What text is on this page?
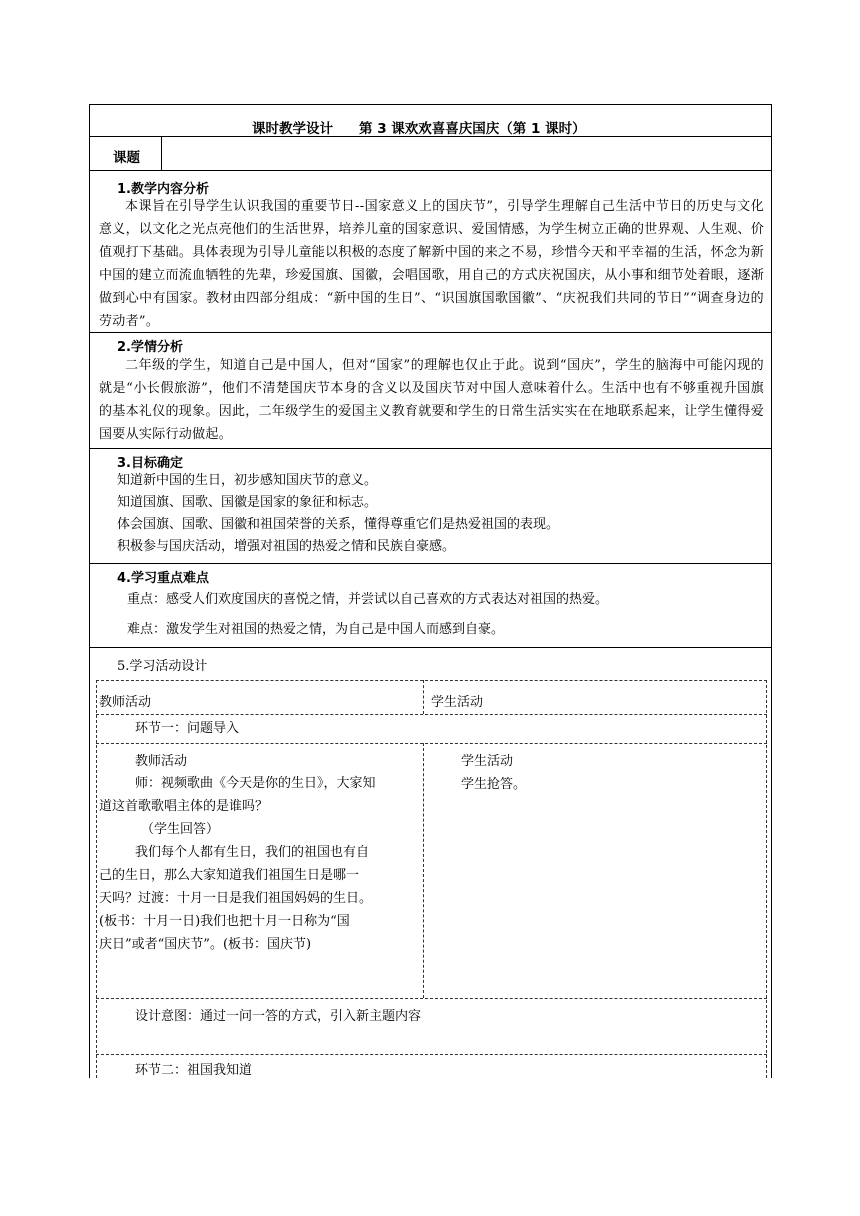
课时教学设计 第 3 课欢欢喜喜庆国庆（第 1 课时）
课题
1.教学内容分析

本课旨在引导学生认识我国的重要节日--国家意义上的国庆节”，引导学生理解自己生活中节日的历史与文化意义，以文化之光点亮他们的生活世界，培养儿童的国家意识、爱国情感，为学生树立正确的世界观、人生观、价值观打下基础。具体表现为引导儿童能以积极的态度了解新中国的来之不易，珍惜今天和平幸福的生活，怀念为新中国的建立而流血牺牲的先辈，珍爱国旗、国徽，会唱国歌，用自己的方式庆祝国庆，从小事和细节处着眼，逐渐做到心中有国家。教材由四部分组成：“新中国的生日”、“识国旗国歌国徽”、“庆祝我们共同的节日”“调查身边的劳动者”。

2.学情分析

二年级的学生，知道自己是中国人，但对“国家”的理解也仅止于此。说到“国庆”，学生的脑海中可能闪现的就是“小长假旅游”，他们不清楚国庆节本身的含义以及国庆节对中国人意味着什么。生活中也有不够重视升国旗的基本礼仪的现象。因此，二年级学生的爱国主义教育就要和学生的日常生活实实在在地联系起来，让学生懂得爱国要从实际行动做起。

3.目标确定

知道新中国的生日，初步感知国庆节的意义。

知道国旗、国歌、国徽是国家的象征和标志。

体会国旗、国歌、国徽和祖国荣誉的关系，懂得尊重它们是热爱祖国的表现。

积极参与国庆活动，增强对祖国的热爱之情和民族自豪感。

4.学习重点难点
重点：感受人们欢度国庆的喜悦之情，并尝试以自己喜欢的方式表达对祖国的热爱。
难点：激发学生对祖国的热爱之情，为自己是中国人而感到自豪。
5.学习活动设计
教师活动	学生活动
环节一：问题导入
教师活动
师：视频歌曲《今天是你的生日》，大家知
道这首歌歌唱主体的是谁吗？
（学生回答）
我们每个人都有生日，我们的祖国也有自
己的生日，那么大家知道我们祖国生日是哪一
天吗？过渡：十月一日是我们祖国妈妈的生日。
(板书：十月一日)我们也把十月一日称为“国
庆日”或者“国庆节”。(板书：国庆节)
学生活动
学生抢答。
设计意图：通过一问一答的方式，引入新主题内容
环节二：祖国我知道
